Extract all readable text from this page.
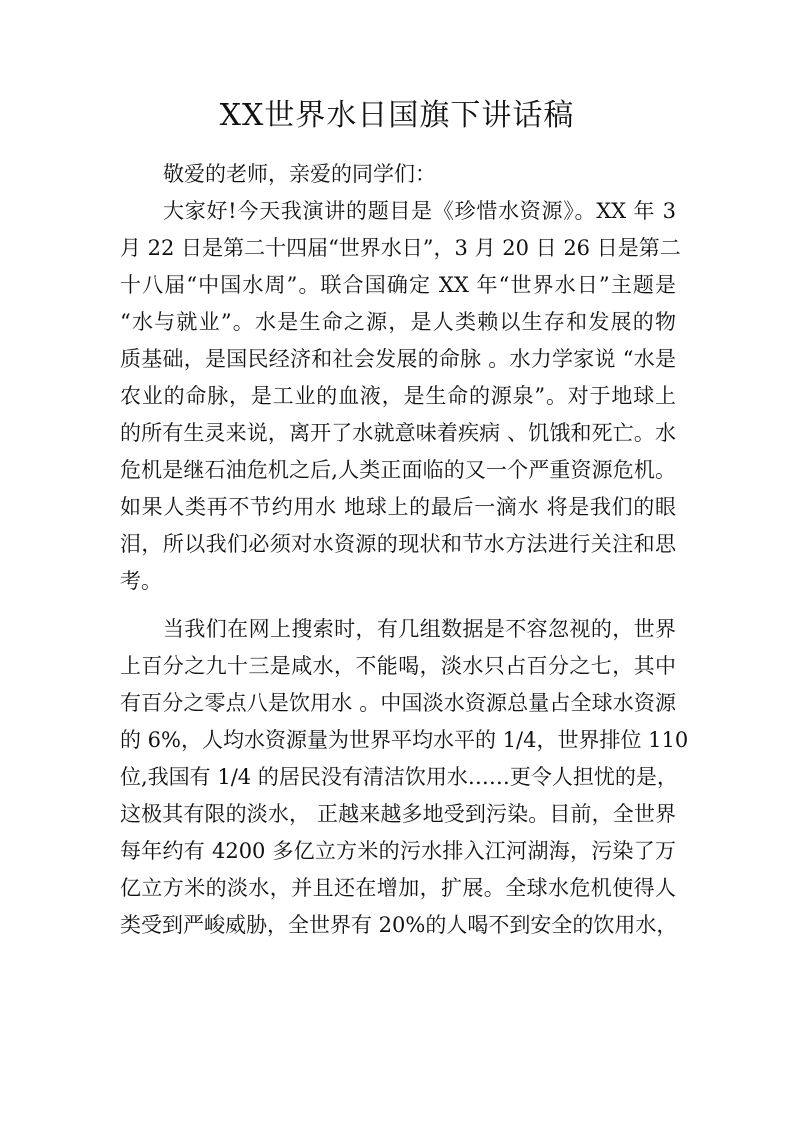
XX世界水日国旗下讲话稿
敬爱的老师，亲爱的同学们：
大家好!今天我演讲的题目是《珍惜水资源》。XX 年 3
月 22 日是第二十四届“世界水日”，3 月 20 日 26 日是第二
十八届“中国水周”。联合国确定 XX 年“世界水日”主题是
“水与就业”。水是生命之源，是人类赖以生存和发展的物
质基础，是国民经济和社会发展的命脉 。水力学家说 “水是
农业的命脉，是工业的血液，是生命的源泉”。对于地球上
的所有生灵来说，离开了水就意味着疾病 、饥饿和死亡。水
危机是继石油危机之后,人类正面临的又一个严重资源危机。
如果人类再不节约用水 地球上的最后一滴水 将是我们的眼
泪，所以我们必须对水资源的现状和节水方法进行关注和思
考。
当我们在网上搜索时，有几组数据是不容忽视的，世界
上百分之九十三是咸水，不能喝，淡水只占百分之七，其中
有百分之零点八是饮用水 。中国淡水资源总量占全球水资源
的 6%，人均水资源量为世界平均水平的 1/4，世界排位 110
位,我国有 1/4 的居民没有清洁饮用水……更令人担忧的是，
这极其有限的淡水， 正越来越多地受到污染。目前，全世界
每年约有 4200 多亿立方米的污水排入江河湖海，污染了万
亿立方米的淡水，并且还在增加，扩展。全球水危机使得人
类受到严峻威胁，全世界有 20%的人喝不到安全的饮用水，
